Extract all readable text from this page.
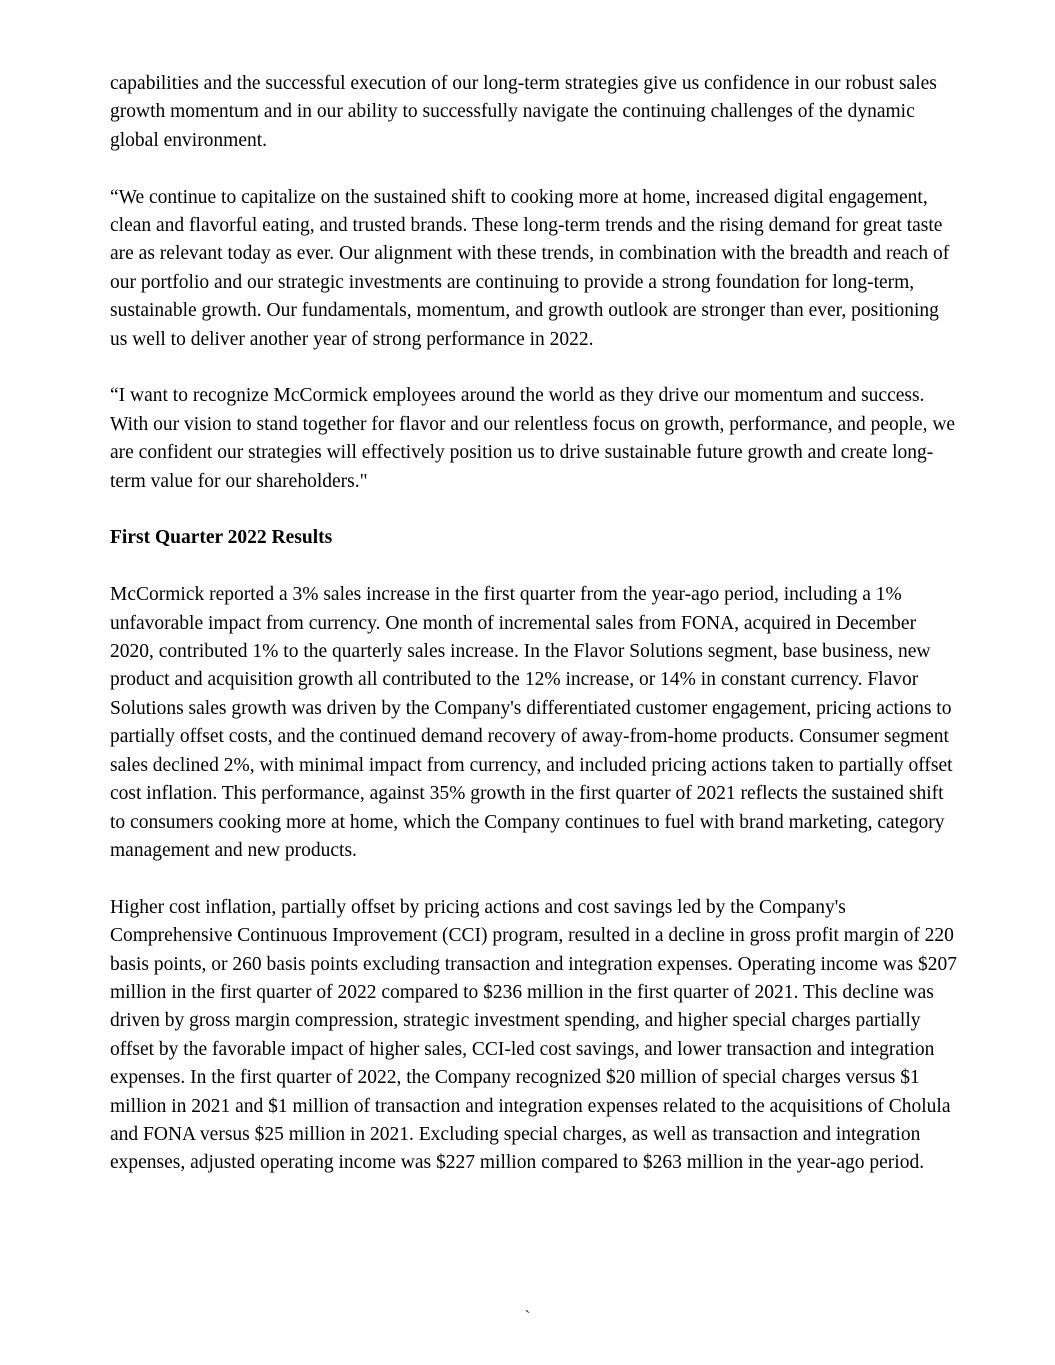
capabilities and the successful execution of our long-term strategies give us confidence in our robust sales growth momentum and in our ability to successfully navigate the continuing challenges of the dynamic global environment.

“We continue to capitalize on the sustained shift to cooking more at home, increased digital engagement, clean and flavorful eating, and trusted brands. These long-term trends and the rising demand for great taste are as relevant today as ever. Our alignment with these trends, in combination with the breadth and reach of our portfolio and our strategic investments are continuing to provide a strong foundation for long-term, sustainable growth. Our fundamentals, momentum, and growth outlook are stronger than ever, positioning us well to deliver another year of strong performance in 2022.

“I want to recognize McCormick employees around the world as they drive our momentum and success. With our vision to stand together for flavor and our relentless focus on growth, performance, and people, we are confident our strategies will effectively position us to drive sustainable future growth and create long-term value for our shareholders."

First Quarter 2022 Results

McCormick reported a 3% sales increase in the first quarter from the year-ago period, including a 1% unfavorable impact from currency. One month of incremental sales from FONA, acquired in December 2020, contributed 1% to the quarterly sales increase. In the Flavor Solutions segment, base business, new product and acquisition growth all contributed to the 12% increase, or 14% in constant currency. Flavor Solutions sales growth was driven by the Company's differentiated customer engagement, pricing actions to partially offset costs, and the continued demand recovery of away-from-home products. Consumer segment sales declined 2%, with minimal impact from currency, and included pricing actions taken to partially offset cost inflation. This performance, against 35% growth in the first quarter of 2021 reflects the sustained shift to consumers cooking more at home, which the Company continues to fuel with brand marketing, category management and new products.

Higher cost inflation, partially offset by pricing actions and cost savings led by the Company's Comprehensive Continuous Improvement (CCI) program, resulted in a decline in gross profit margin of 220 basis points, or 260 basis points excluding transaction and integration expenses. Operating income was $207 million in the first quarter of 2022 compared to $236 million in the first quarter of 2021. This decline was driven by gross margin compression, strategic investment spending, and higher special charges partially offset by the favorable impact of higher sales, CCI-led cost savings, and lower transaction and integration expenses. In the first quarter of 2022, the Company recognized $20 million of special charges versus $1 million in 2021 and $1 million of transaction and integration expenses related to the acquisitions of Cholula and FONA versus $25 million in 2021. Excluding special charges, as well as transaction and integration expenses, adjusted operating income was $227 million compared to $263 million in the year-ago period.

`
